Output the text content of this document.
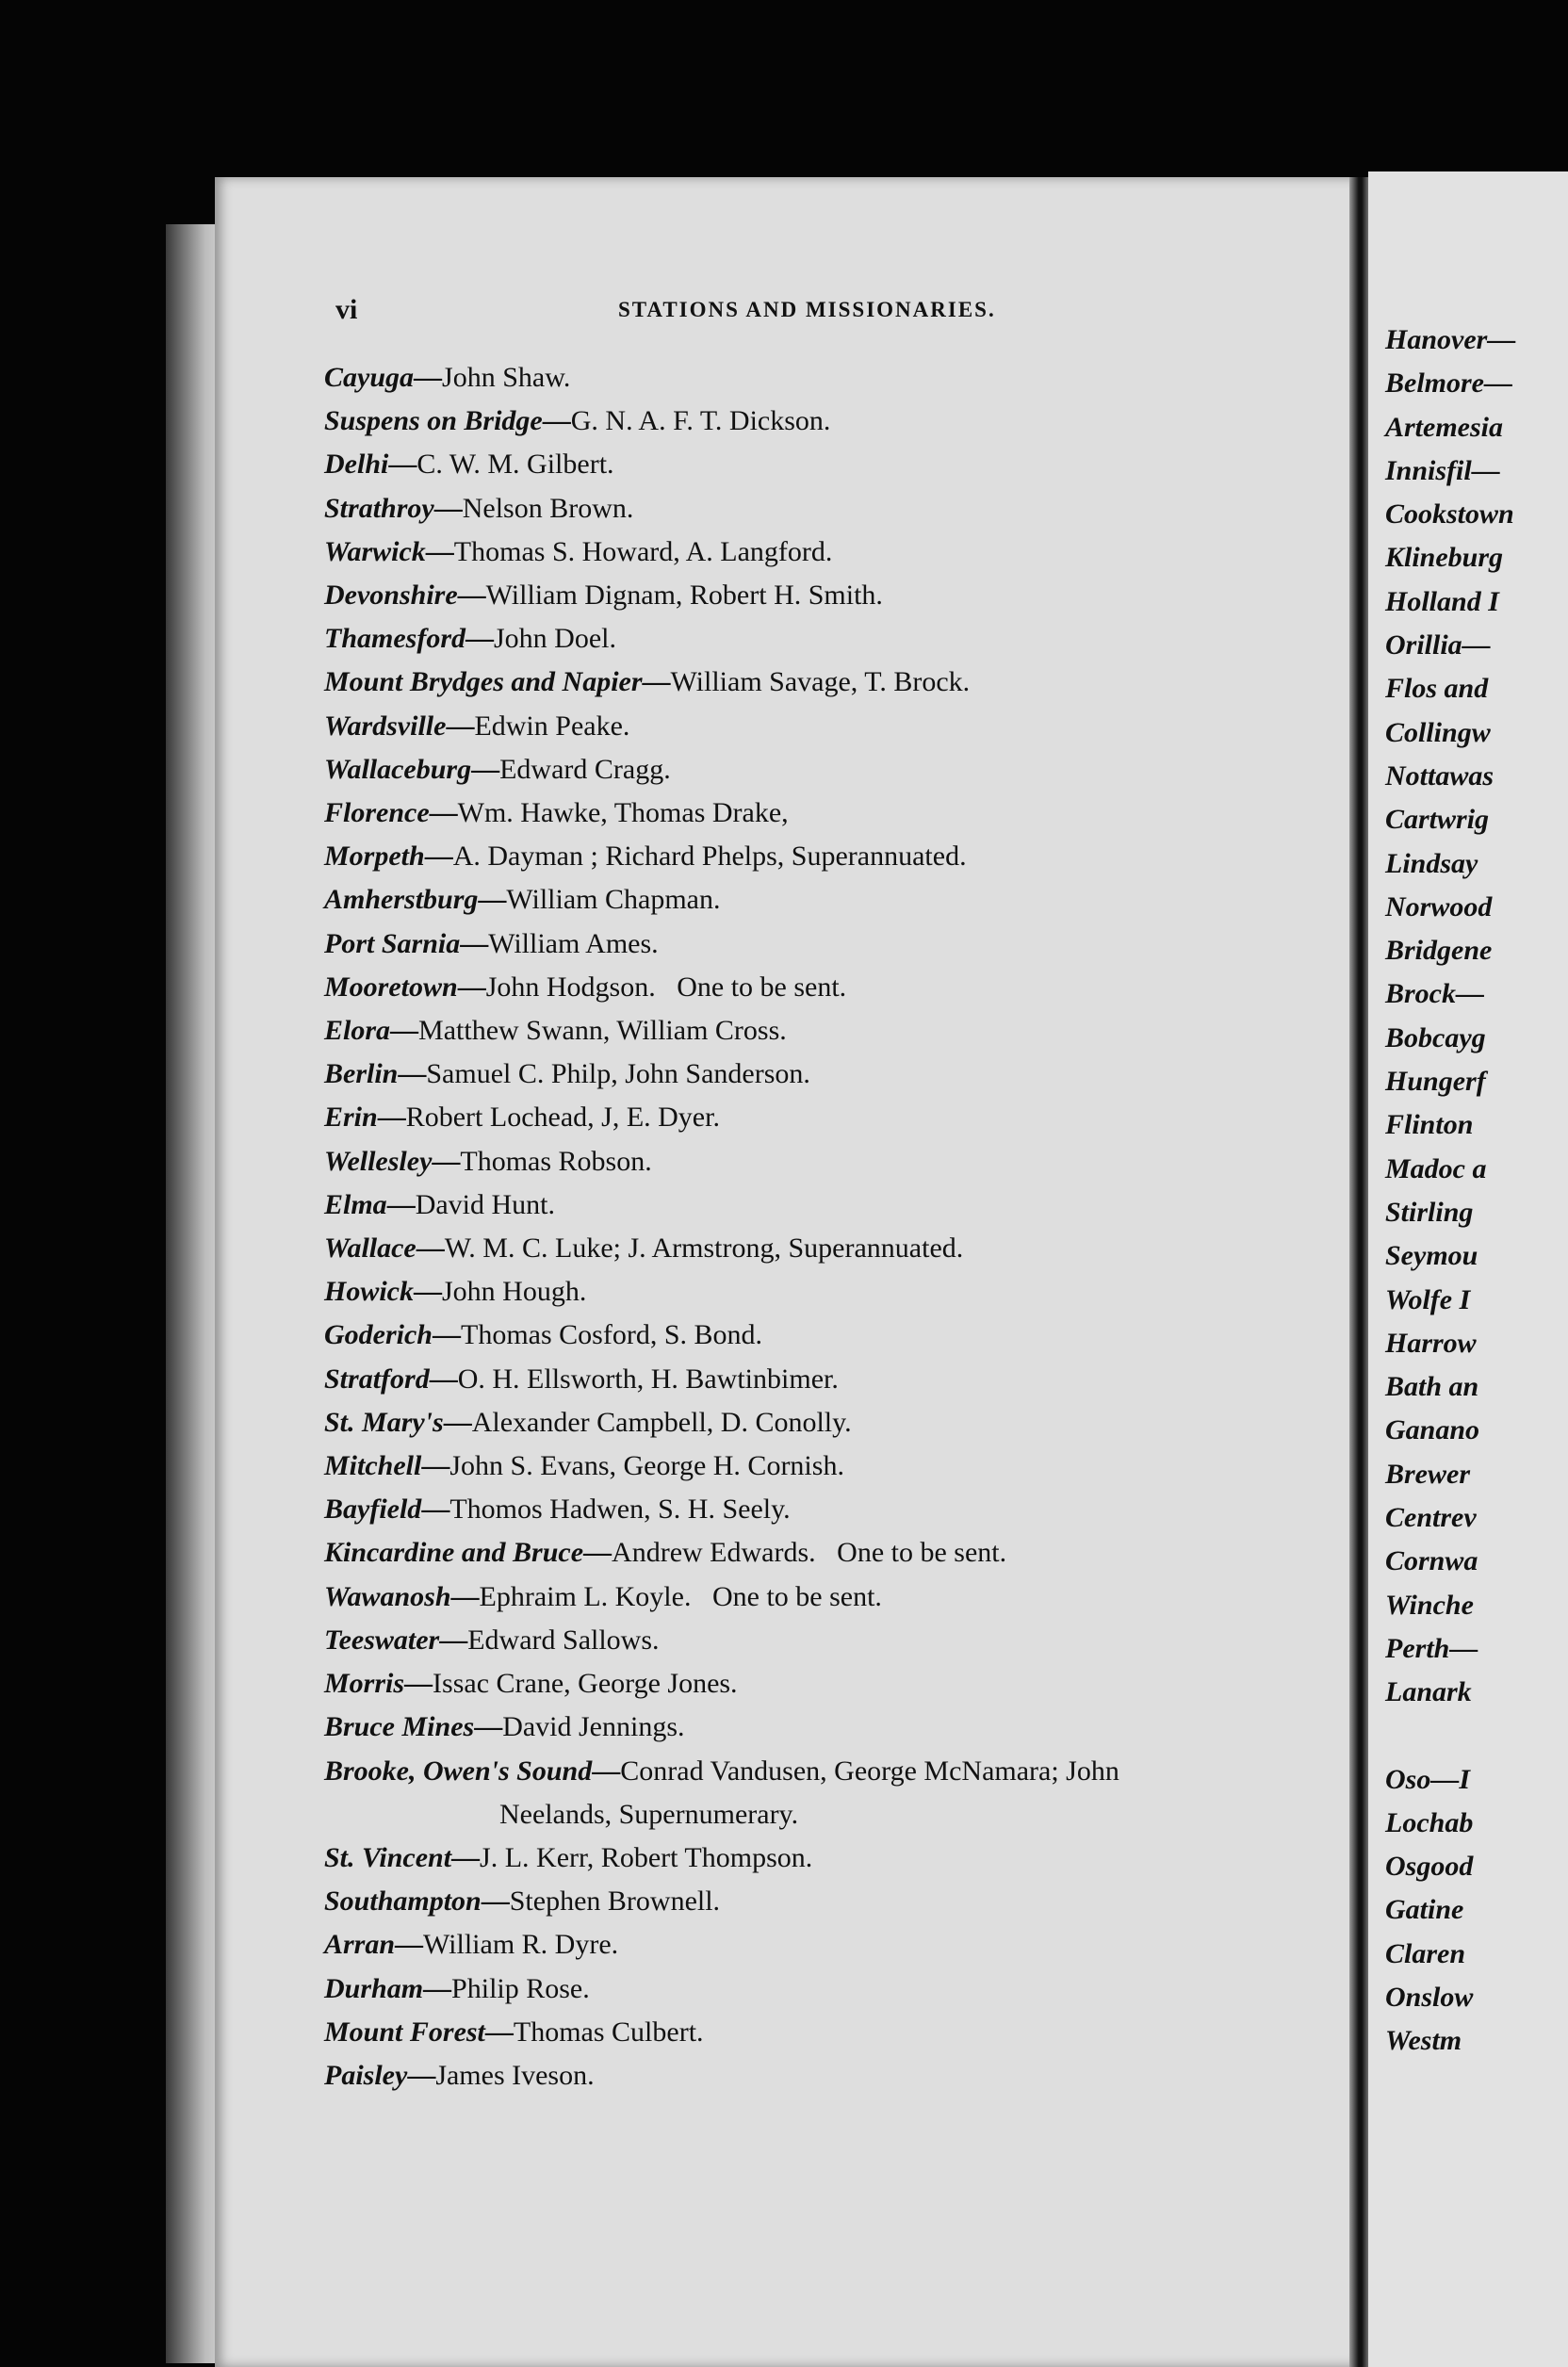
Hanover—
Belmore—
Artemesia
Innisfil—
Cookstown
Klineburg
Holland I
Orillia—
Flos and
Collingw
Nottawas
Cartwrig
Lindsay
Norwood
Bridgene
Brock—
Bobcayg
Hungerf
Flinton
Madoc a
Stirling
Seymou
Wolfe I
Harrow
Bath an
Ganano
Brewer
Centrev
Cornwa
Winche
Perth—
Lanark
Oso—I
Lochab
Osgood
Gatine
Claren
Onslow
Westm
vi	STATIONS AND MISSIONARIES.
Cayuga—John Shaw.
Suspens on Bridge—G. N. A. F. T. Dickson.
Delhi—C. W. M. Gilbert.
Strathroy—Nelson Brown.
Warwick—Thomas S. Howard, A. Langford.
Devonshire—William Dignam, Robert H. Smith.
Thamesford—John Doel.
Mount Brydges and Napier—William Savage, T. Brock.
Wardsville—Edwin Peake.
Wallaceburg—Edward Cragg.
Florence—Wm. Hawke, Thomas Drake,
Morpeth—A. Dayman ; Richard Phelps, Superannuated.
Amherstburg—William Chapman.
Port Sarnia—William Ames.
Mooretown—John Hodgson.   One to be sent.
Elora—Matthew Swann, William Cross.
Berlin—Samuel C. Philp, John Sanderson.
Erin—Robert Lochead, J, E. Dyer.
Wellesley—Thomas Robson.
Elma—David Hunt.
Wallace—W. M. C. Luke; J. Armstrong, Superannuated.
Howick—John Hough.
Goderich—Thomas Cosford, S. Bond.
Stratford—O. H. Ellsworth, H. Bawtinbimer.
St. Mary's—Alexander Campbell, D. Conolly.
Mitchell—John S. Evans, George H. Cornish.
Bayfield—Thomos Hadwen, S. H. Seely.
Kincardine and Bruce—Andrew Edwards.   One to be sent.
Wawanosh—Ephraim L. Koyle.   One to be sent.
Teeswater—Edward Sallows.
Morris—Issac Crane, George Jones.
Bruce Mines—David Jennings.
Brooke, Owen's Sound—Conrad Vandusen, George McNamara; John
Neelands, Supernumerary.
St. Vincent—J. L. Kerr, Robert Thompson.
Southampton—Stephen Brownell.
Arran—William R. Dyre.
Durham—Philip Rose.
Mount Forest—Thomas Culbert.
Paisley—James Iveson.
